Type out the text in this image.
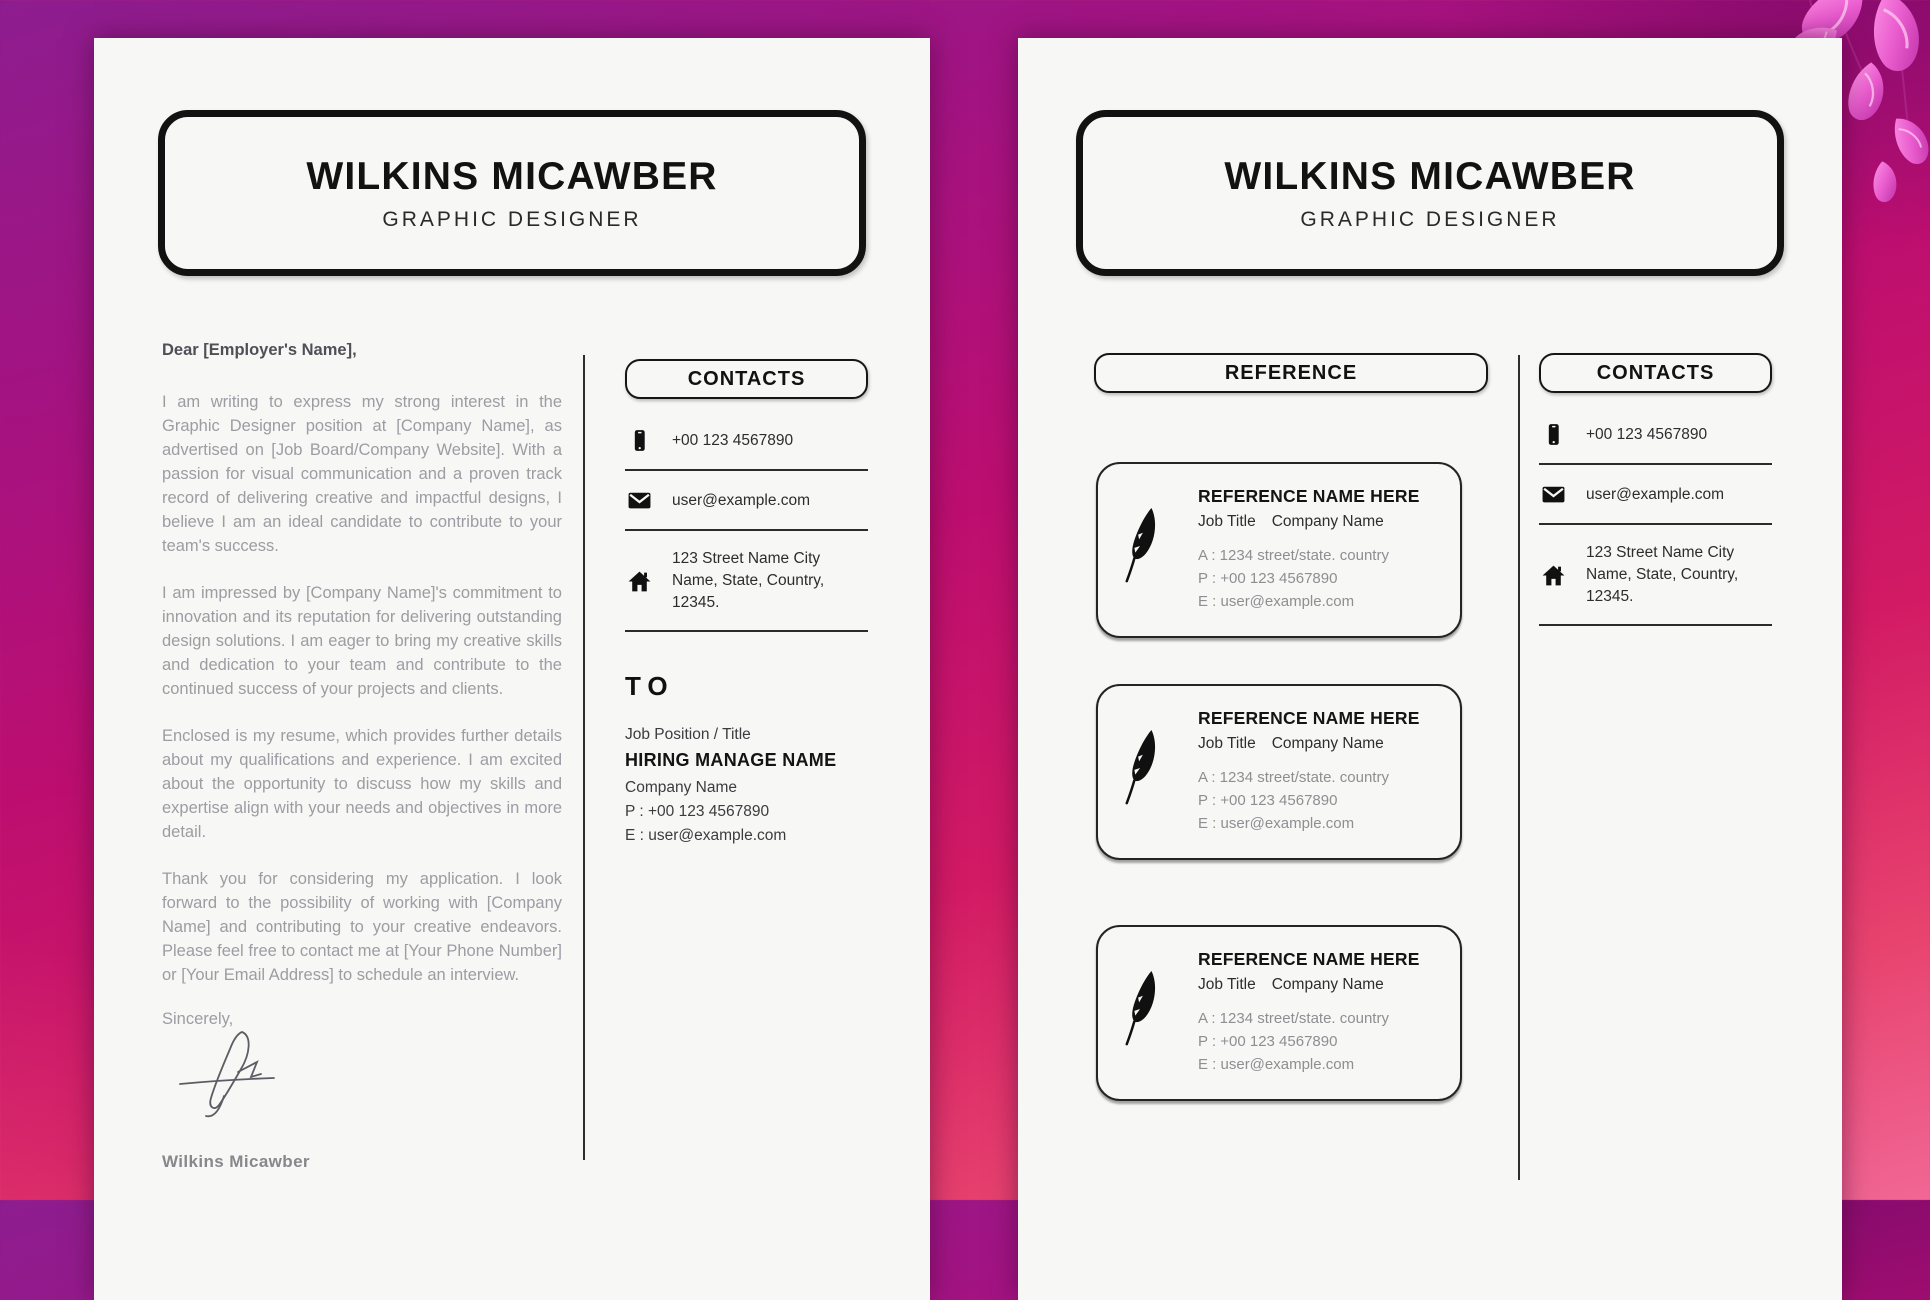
WILKINS MICAWBER
GRAPHIC DESIGNER
Dear [Employer's Name],

I am writing to express my strong interest in the Graphic Designer position at [Company Name], as advertised on [Job Board/Company Website]. With a passion for visual communication and a proven track record of delivering creative and impactful designs, I believe I am an ideal candidate to contribute to your team's success.

I am impressed by [Company Name]'s commitment to innovation and its reputation for delivering outstanding design solutions. I am eager to bring my creative skills and dedication to your team and contribute to the continued success of your projects and clients.

Enclosed is my resume, which provides further details about my qualifications and experience. I am excited about the opportunity to discuss how my skills and expertise align with your needs and objectives in more detail.

Thank you for considering my application. I look forward to the possibility of working with [Company Name] and contributing to your creative endeavors. Please feel free to contact me at [Your Phone Number] or [Your Email Address] to schedule an interview.

Sincerely,
Wilkins Micawber
CONTACTS
+00 123 4567890
user@example.com
123 Street Name City
Name, State, Country, 12345.
TO
Job Position / Title
HIRING MANAGE NAME
Company Name
P : +00 123 4567890
E : user@example.com
WILKINS MICAWBER
GRAPHIC DESIGNER
REFERENCE
REFERENCE NAME HERE
Job Title Company Name
A : 1234 street/state. country
P : +00 123 4567890
E : user@example.com
REFERENCE NAME HERE
Job Title Company Name
A : 1234 street/state. country
P : +00 123 4567890
E : user@example.com
REFERENCE NAME HERE
Job Title Company Name
A : 1234 street/state. country
P : +00 123 4567890
E : user@example.com
CONTACTS
+00 123 4567890
user@example.com
123 Street Name City
Name, State, Country, 12345.
